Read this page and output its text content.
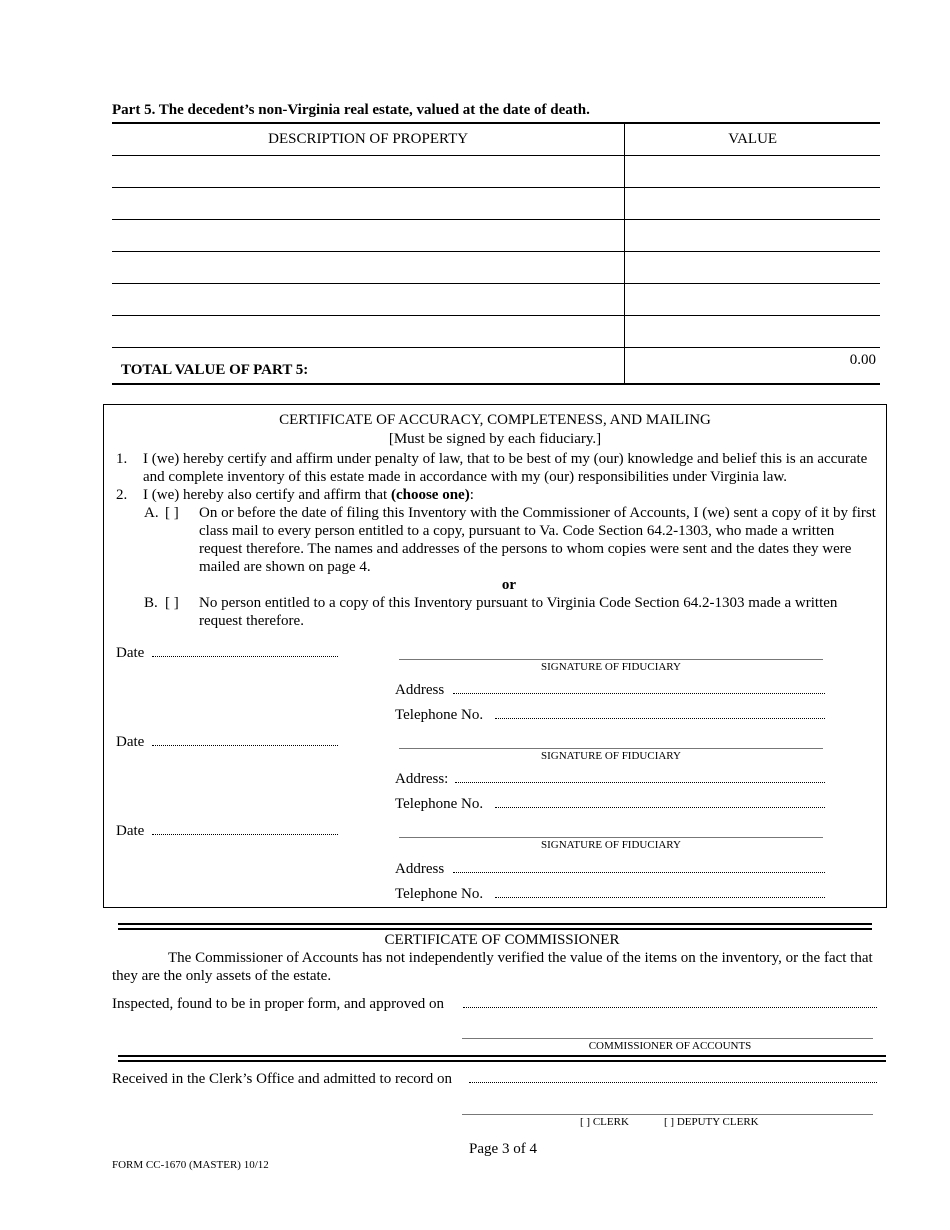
Part 5. The decedent’s non-Virginia real estate, valued at the date of death.
DESCRIPTION OF PROPERTY	VALUE

TOTAL VALUE OF PART 5:	0.00
CERTIFICATE OF ACCURACY, COMPLETENESS, AND MAILING
[Must be signed by each fiduciary.]
1. I (we) hereby certify and affirm under penalty of law, that to be best of my (our) knowledge and belief this is an accurate and complete inventory of this estate made in accordance with my (our) responsibilities under Virginia law.
2. I (we) hereby also certify and affirm that (choose one):
A. [ ] On or before the date of filing this Inventory with the Commissioner of Accounts, I (we) sent a copy of it by first class mail to every person entitled to a copy, pursuant to Va. Code Section 64.2-1303, who made a written request therefore. The names and addresses of the persons to whom copies were sent and the dates they were mailed are shown on page 4.
or
B. [ ] No person entitled to a copy of this Inventory pursuant to Virginia Code Section 64.2-1303 made a written request therefore.
Date
SIGNATURE OF FIDUCIARY
Address
Telephone No.
Date
SIGNATURE OF FIDUCIARY
Address:
Telephone No.
Date
SIGNATURE OF FIDUCIARY
Address
Telephone No.
CERTIFICATE OF COMMISSIONER
The Commissioner of Accounts has not independently verified the value of the items on the inventory, or the fact that they are the only assets of the estate.
Inspected, found to be in proper form, and approved on
COMMISSIONER OF ACCOUNTS
Received in the Clerk’s Office and admitted to record on
[ ] CLERK	[ ] DEPUTY CLERK
Page 3 of 4
FORM CC-1670 (MASTER) 10/12
